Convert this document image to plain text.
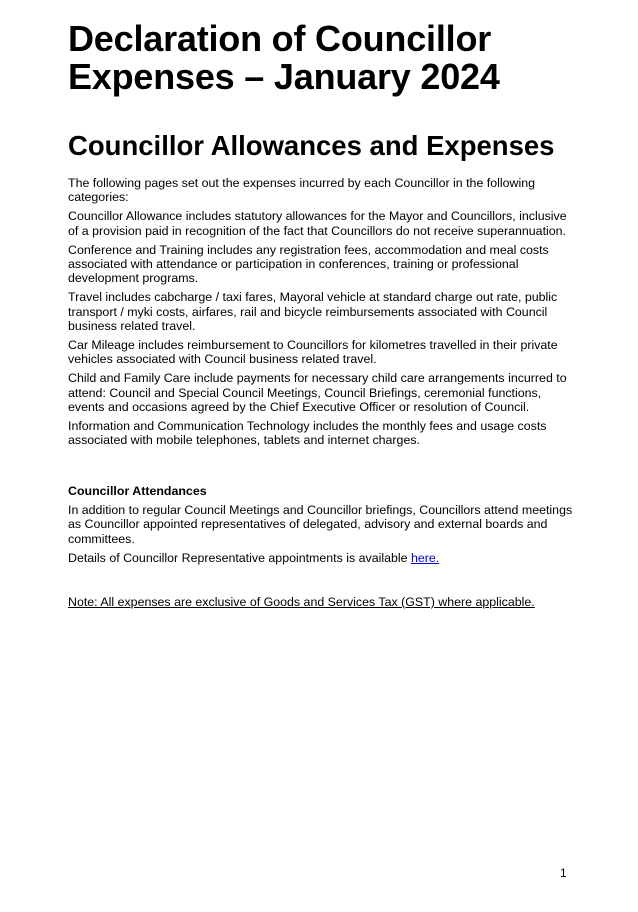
Declaration of Councillor Expenses – January 2024
Councillor Allowances and Expenses

The following pages set out the expenses incurred by each Councillor in the following categories:

Councillor Allowance includes statutory allowances for the Mayor and Councillors, inclusive of a provision paid in recognition of the fact that Councillors do not receive superannuation.

Conference and Training includes any registration fees, accommodation and meal costs associated with attendance or participation in conferences, training or professional development programs.

Travel includes cabcharge / taxi fares, Mayoral vehicle at standard charge out rate, public transport / myki costs, airfares, rail and bicycle reimbursements associated with Council business related travel.

Car Mileage includes reimbursement to Councillors for kilometres travelled in their private vehicles associated with Council business related travel.

Child and Family Care include payments for necessary child care arrangements incurred to attend: Council and Special Council Meetings, Council Briefings, ceremonial functions, events and occasions agreed by the Chief Executive Officer or resolution of Council.

Information and Communication Technology includes the monthly fees and usage costs associated with mobile telephones, tablets and internet charges.

Councillor Attendances

In addition to regular Council Meetings and Councillor briefings, Councillors attend meetings as Councillor appointed representatives of delegated, advisory and external boards and committees.

Details of Councillor Representative appointments is available here.

Note: All expenses are exclusive of Goods and Services Tax (GST) where applicable.
1
